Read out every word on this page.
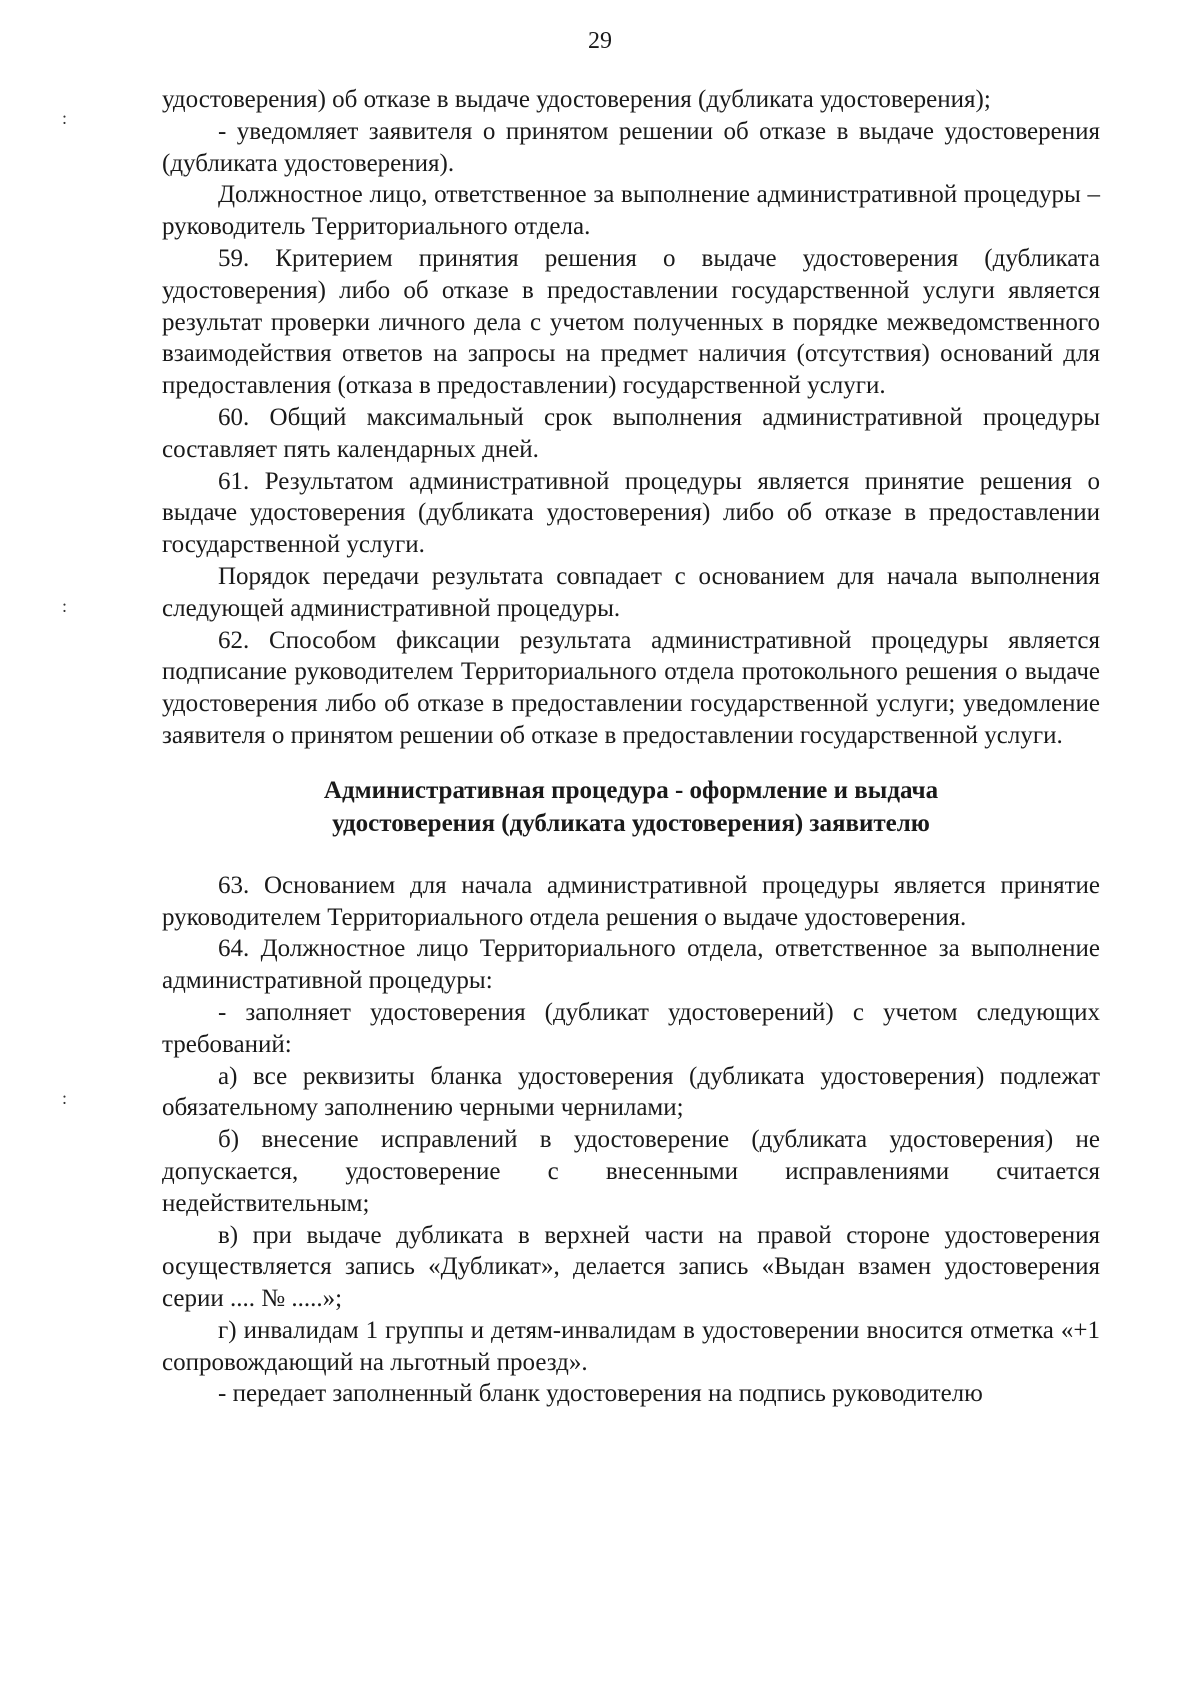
29
:
:
:

удостоверения) об отказе в выдаче удостоверения (дубликата удостоверения);

- уведомляет заявителя о принятом решении об отказе в выдаче удостоверения (дубликата удостоверения).

Должностное лицо, ответственное за выполнение административной процедуры – руководитель Территориального отдела.

59. Критерием принятия решения о выдаче удостоверения (дубликата удостоверения) либо об отказе в предоставлении государственной услуги является результат проверки личного дела с учетом полученных в порядке межведомственного взаимодействия ответов на запросы на предмет наличия (отсутствия) оснований для предоставления (отказа в предоставлении) государственной услуги.

60. Общий максимальный срок выполнения административной процедуры составляет пять календарных дней.

61. Результатом административной процедуры является принятие решения о выдаче удостоверения (дубликата удостоверения) либо об отказе в предоставлении государственной услуги.

Порядок передачи результата совпадает с основанием для начала выполнения следующей административной процедуры.

62. Способом фиксации результата административной процедуры является подписание руководителем Территориального отдела протокольного решения о выдаче удостоверения либо об отказе в предоставлении государственной услуги; уведомление заявителя о принятом решении об отказе в предоставлении государственной услуги.

Административная процедура - оформление и выдача
удостоверения (дубликата удостоверения) заявителю

63. Основанием для начала административной процедуры является принятие руководителем Территориального отдела решения о выдаче удостоверения.

64. Должностное лицо Территориального отдела, ответственное за выполнение административной процедуры:

- заполняет удостоверения (дубликат удостоверений) с учетом следующих требований:

а) все реквизиты бланка удостоверения (дубликата удостоверения) подлежат обязательному заполнению черными чернилами;

б) внесение исправлений в удостоверение (дубликата удостоверения) не допускается, удостоверение с внесенными исправлениями считается недействительным;

в) при выдаче дубликата в верхней части на правой стороне удостоверения осуществляется запись «Дубликат», делается запись «Выдан взамен удостоверения серии .... № .....»;

г) инвалидам 1 группы и детям-инвалидам в удостоверении вносится отметка «+1 сопровождающий на льготный проезд».

- передает заполненный бланк удостоверения на подпись руководителю
